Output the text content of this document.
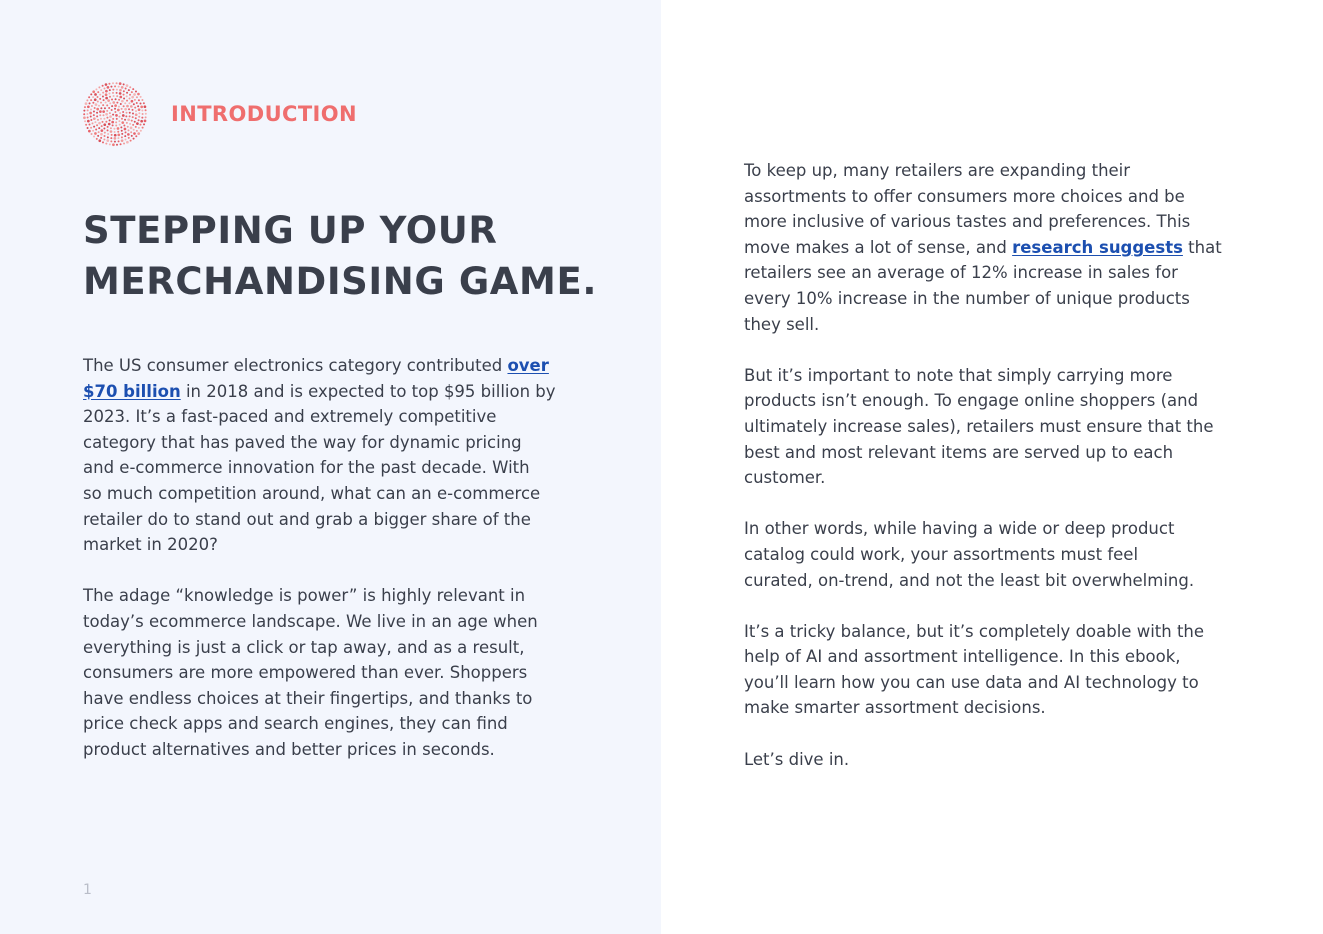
INTRODUCTION
STEPPING UP YOUR
MERCHANDISING GAME.

The US consumer electronics category contributed over
$70 billion in 2018 and is expected to top $95 billion by
2023. It’s a fast-paced and extremely competitive
category that has paved the way for dynamic pricing
and e-commerce innovation for the past decade. With
so much competition around, what can an e-commerce
retailer do to stand out and grab a bigger share of the
market in 2020?

The adage “knowledge is power” is highly relevant in
today’s ecommerce landscape. We live in an age when
everything is just a click or tap away, and as a result,
consumers are more empowered than ever. Shoppers
have endless choices at their fingertips, and thanks to
price check apps and search engines, they can find
product alternatives and better prices in seconds.

To keep up, many retailers are expanding their
assortments to offer consumers more choices and be
more inclusive of various tastes and preferences. This
move makes a lot of sense, and research suggests that
retailers see an average of 12% increase in sales for
every 10% increase in the number of unique products
they sell.

But it’s important to note that simply carrying more
products isn’t enough. To engage online shoppers (and
ultimately increase sales), retailers must ensure that the
best and most relevant items are served up to each
customer.

In other words, while having a wide or deep product
catalog could work, your assortments must feel
curated, on-trend, and not the least bit overwhelming.

It’s a tricky balance, but it’s completely doable with the
help of AI and assortment intelligence. In this ebook,
you’ll learn how you can use data and AI technology to
make smarter assortment decisions.

Let’s dive in.

1
